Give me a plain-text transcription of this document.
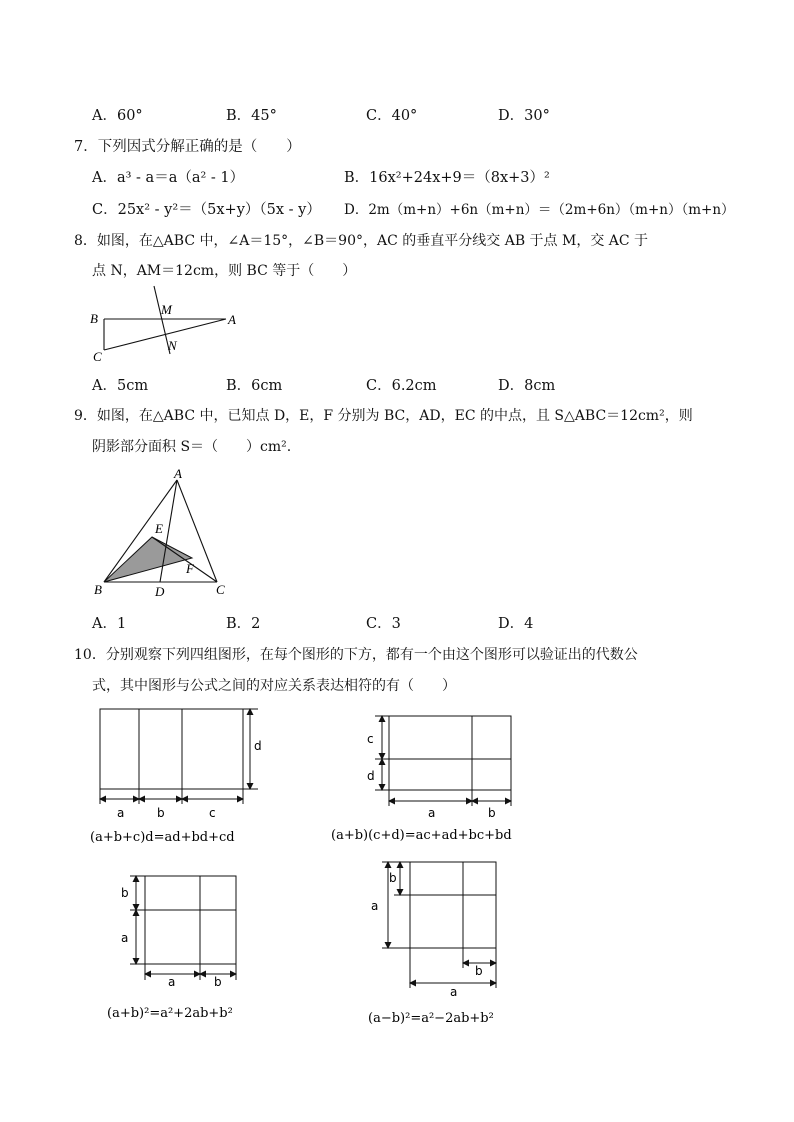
A．60°	B．45°	C．40°	D．30°
7．下列因式分解正确的是（　　）
A．a³ - a＝a（a² - 1）	B．16x²+24x+9＝（8x+3）²
C．25x² - y²＝（5x+y）（5x - y） D．2m（m+n）+6n（m+n）＝（2m+6n）（m+n）（m+n）
8．如图，在△ABC 中，∠A＝15°，∠B＝90°，AC 的垂直平分线交 AB 于点 M，交 AC 于
点 N，AM＝12cm，则 BC 等于（　　）
B
M
A
C
N
A．5cm	B．6cm	C．6.2cm	D．8cm
9．如图，在△ABC 中，已知点 D，E，F 分别为 BC，AD，EC 的中点，且 S△ABC＝12cm²，则
阴影部分面积 S＝（　　）cm².
A
E
F
B	D	C
A．1	B．2	C．3	D．4
10．分别观察下列四组图形，在每个图形的下方，都有一个由这个图形可以验证出的代数公
式，其中图形与公式之间的对应关系表达相符的有（　　）
a	b	c
d
(a+b+c)d=ad+bd+cd
c
d
a	b
(a+b)(c+d)=ac+ad+bc+bd
b
a
a	b
(a+b)²=a²+2ab+b²
b
a
b
a
(a−b)²=a²−2ab+b²
